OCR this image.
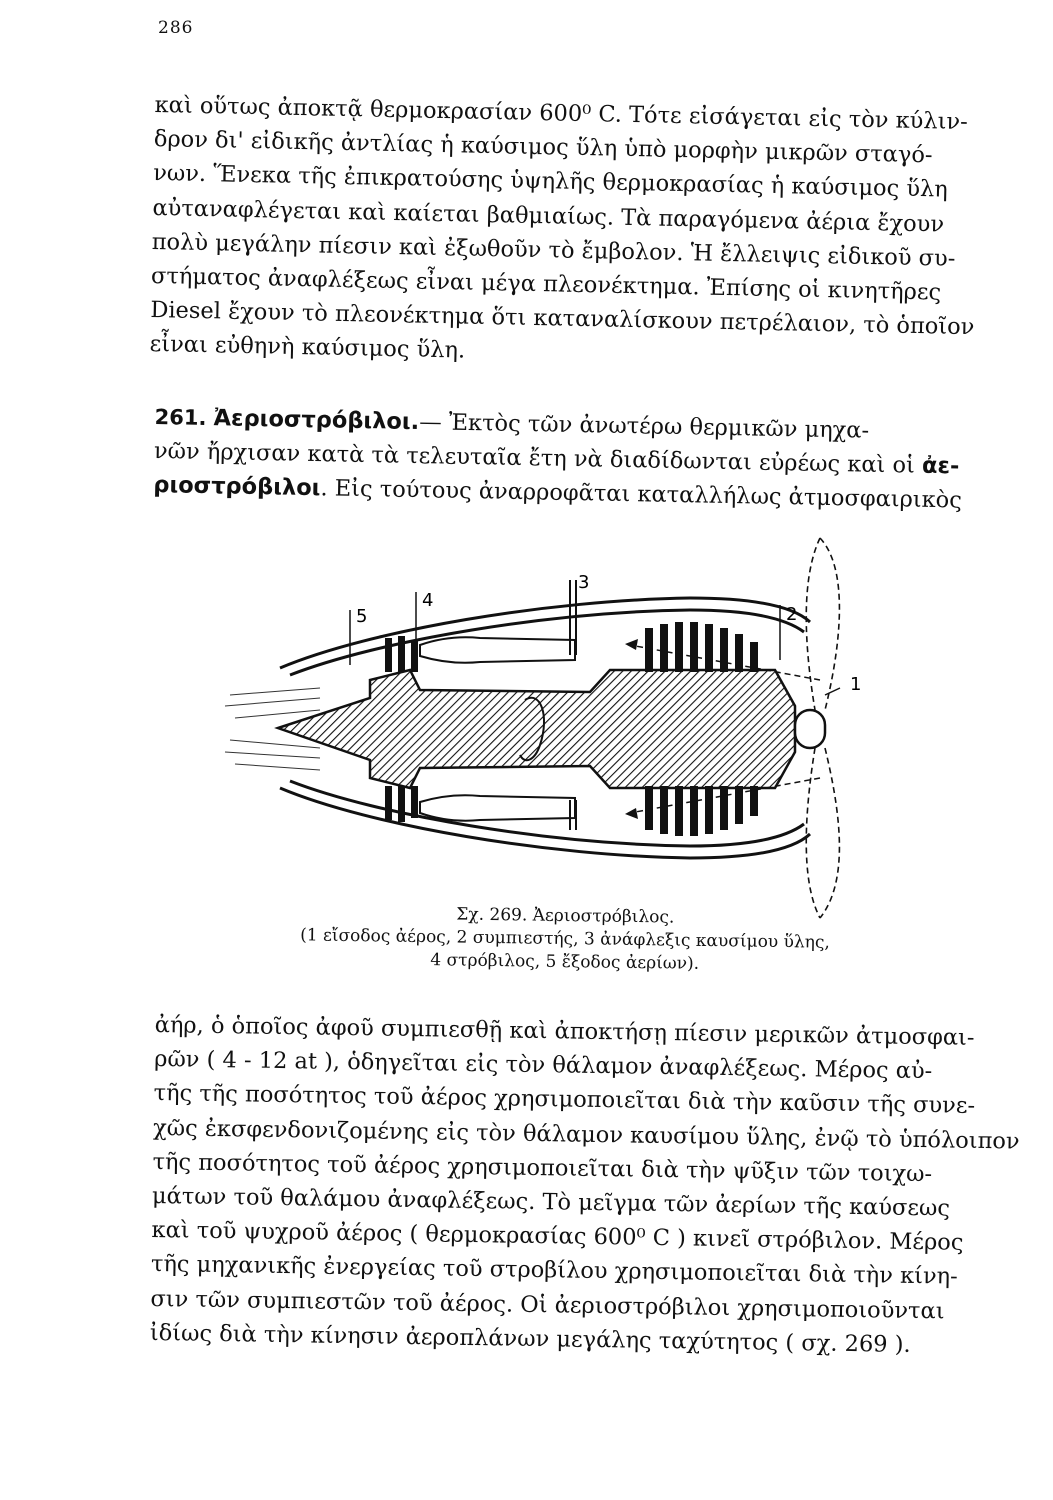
286
καὶ οὕτως ἀποκτᾷ θερμοκρασίαν 600⁰ C. Τότε εἰσάγεται εἰς τὸν κύλιν-
δρον δι' εἰδικῆς ἀντλίας ἡ καύσιμος ὕλη ὑπὸ μορφὴν μικρῶν σταγό-
νων. Ἕνεκα τῆς ἐπικρατούσης ὑψηλῆς θερμοκρασίας ἡ καύσιμος ὕλη
αὐταναφλέγεται καὶ καίεται βαθμιαίως. Τὰ παραγόμενα ἀέρια ἔχουν
πολὺ μεγάλην πίεσιν καὶ ἐξωθοῦν τὸ ἔμβολον. Ἡ ἔλλειψις εἰδικοῦ συ-
στήματος ἀναφλέξεως εἶναι μέγα πλεονέκτημα. Ἐπίσης οἱ κινητῆρες
Diesel ἔχουν τὸ πλεονέκτημα ὅτι καταναλίσκουν πετρέλαιον, τὸ ὁποῖον
εἶναι εὐθηνὴ καύσιμος ὕλη.
261. Ἀεριοστρόβιλοι.— Ἐκτὸς τῶν ἀνωτέρω θερμικῶν μηχα-
νῶν ἤρχισαν κατὰ τὰ τελευταῖα ἔτη νὰ διαδίδωνται εὐρέως καὶ οἱ ἀε-
ριοστρόβιλοι. Εἰς τούτους ἀναρροφᾶται καταλλήλως ἀτμοσφαιρικὸς
5
4
3
2
1
Σχ. 269. Ἀεριοστρόβιλος.
(1 εἴσοδος ἀέρος, 2 συμπιεστής, 3 ἀνάφλεξις καυσίμου ὕλης,
4 στρόβιλος, 5 ἔξοδος ἀερίων).
ἀήρ, ὁ ὁποῖος ἀφοῦ συμπιεσθῇ καὶ ἀποκτήσῃ πίεσιν μερικῶν ἀτμοσφαι-
ρῶν ( 4 - 12 at ), ὁδηγεῖται εἰς τὸν θάλαμον ἀναφλέξεως. Μέρος αὐ-
τῆς τῆς ποσότητος τοῦ ἀέρος χρησιμοποιεῖται διὰ τὴν καῦσιν τῆς συνε-
χῶς ἐκσφενδονιζομένης εἰς τὸν θάλαμον καυσίμου ὕλης, ἐνῷ τὸ ὑπόλοιπον
τῆς ποσότητος τοῦ ἀέρος χρησιμοποιεῖται διὰ τὴν ψῦξιν τῶν τοιχω-
μάτων τοῦ θαλάμου ἀναφλέξεως. Τὸ μεῖγμα τῶν ἀερίων τῆς καύσεως
καὶ τοῦ ψυχροῦ ἀέρος ( θερμοκρασίας 600⁰ C ) κινεῖ στρόβιλον. Μέρος
τῆς μηχανικῆς ἐνεργείας τοῦ στροβίλου χρησιμοποιεῖται διὰ τὴν κίνη-
σιν τῶν συμπιεστῶν τοῦ ἀέρος. Οἱ ἀεριοστρόβιλοι χρησιμοποιοῦνται
ἰδίως διὰ τὴν κίνησιν ἀεροπλάνων μεγάλης ταχύτητος ( σχ. 269 ).
